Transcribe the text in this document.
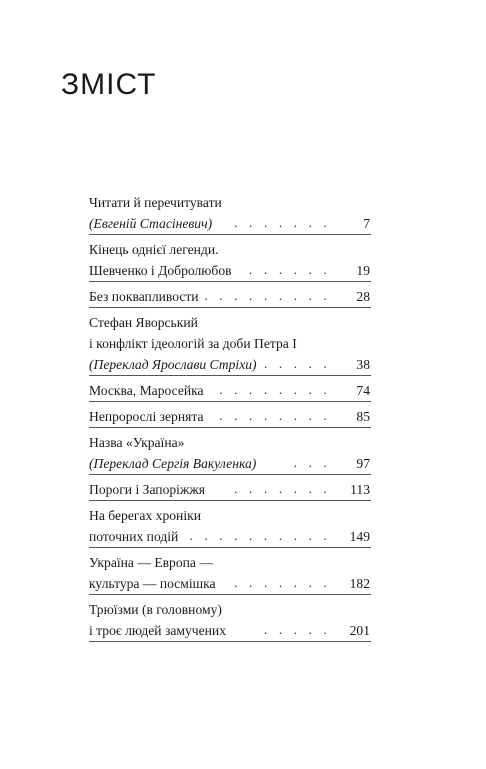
ЗМІСТ
Читати й перечитувати
(Евгеній Стасіневич) . . . . . . . 7
Кінець однієї легенди.
Шевченко і Добролюбов . . . . . . 19
Без поквапливости . . . . . . . . . 28
Стефан Яворський
і конфлікт ідеологій за доби Петра І
(Переклад Ярослави Стріхи) . . . . . 38
Москва, Маросейка . . . . . . . . 74
Непророслі зернята . . . . . . . . 85
Назва «Україна»
(Переклад Сергія Вакуленка)	. . . 97
Пороги і Запоріжжя . . . . . . . 113
На берегах хроніки
поточних подій . . . . . . . . . . 149
Україна — Европа —
культура — посмішка . . . . . . . 182
Трюїзми (в головному)
і троє людей замучених	. . . . . 201
